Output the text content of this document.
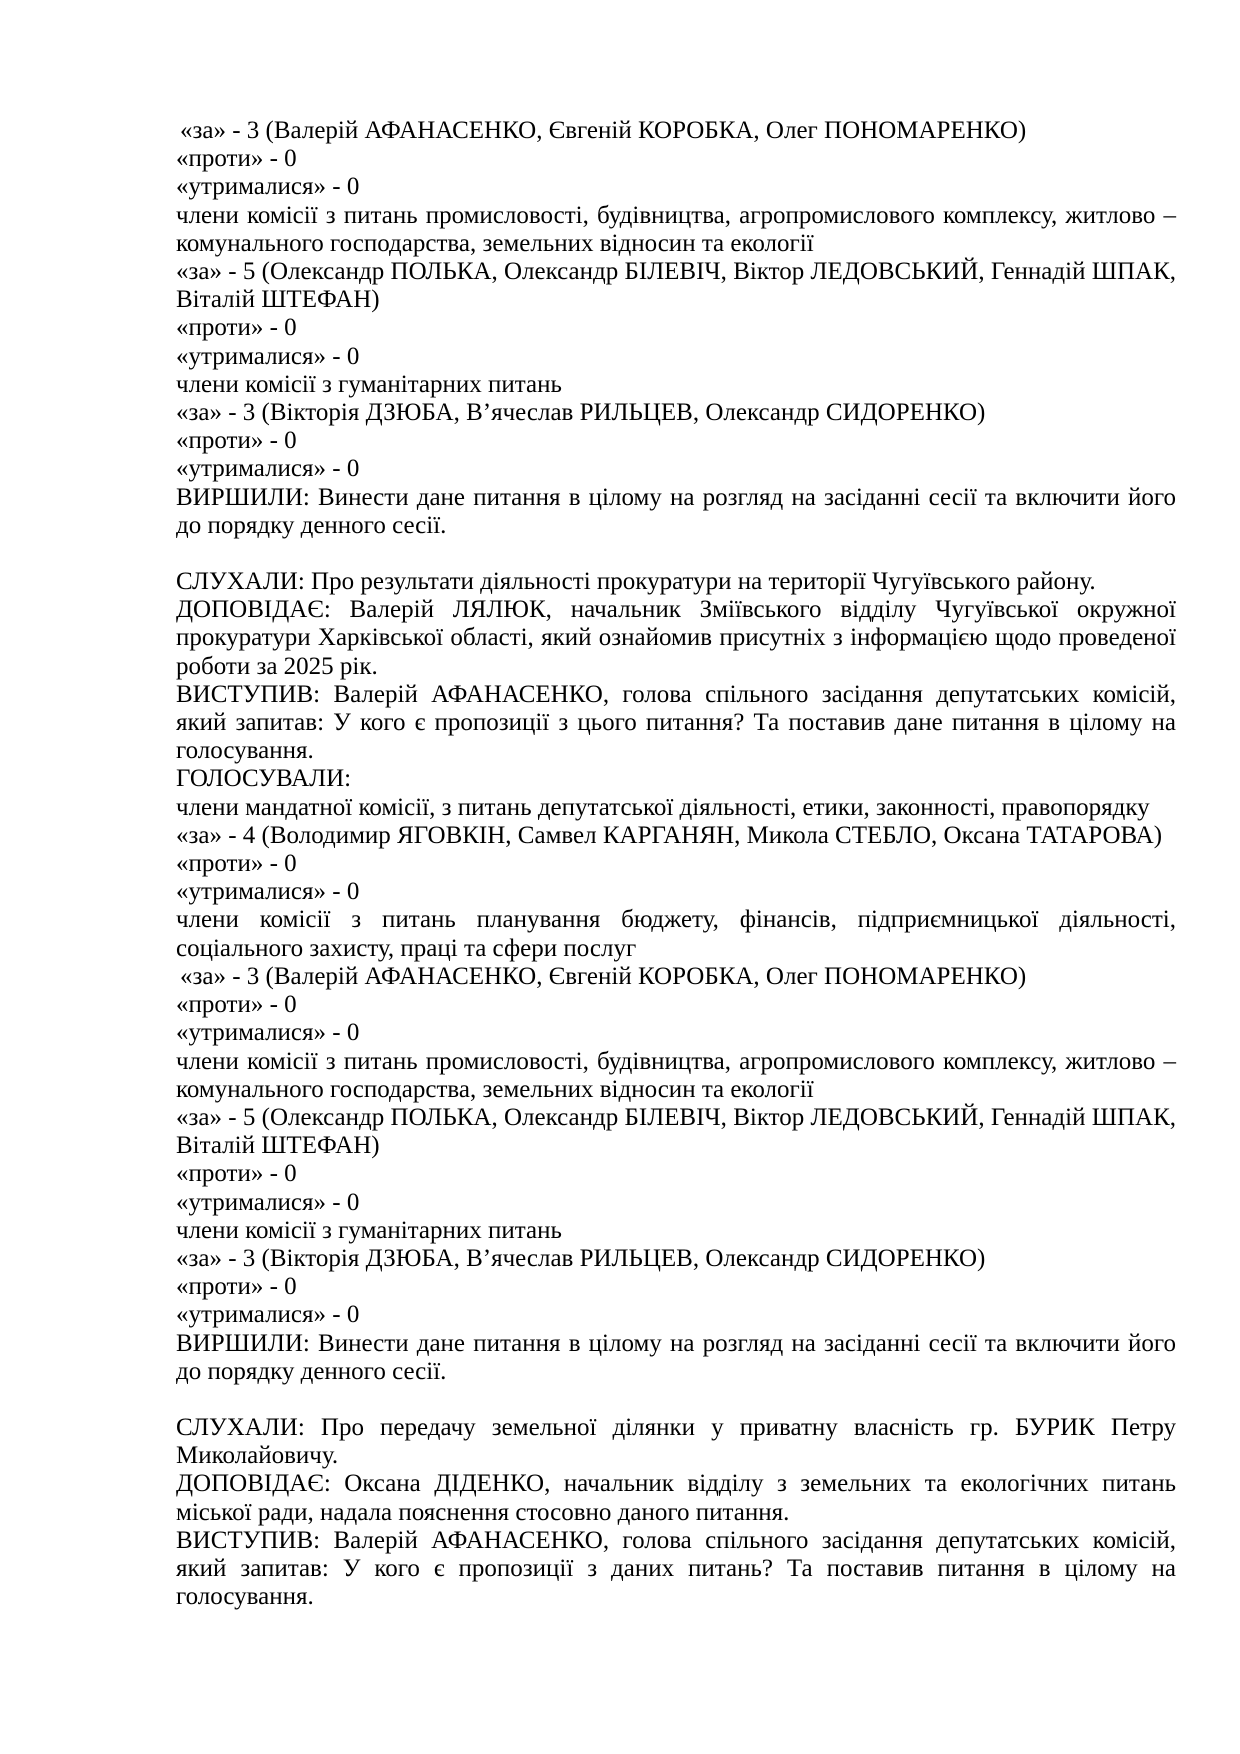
«за» - 3 (Валерій АФАНАСЕНКО, Євгеній КОРОБКА, Олег ПОНОМАРЕНКО)
«проти» - 0
«утрималися» - 0

члени комісії з питань промисловості, будівництва, агропромислового комплексу, житлово – комунального господарства, земельних відносин та екології

«за» - 5 (Олександр ПОЛЬКА, Олександр БІЛЕВІЧ, Віктор ЛЕДОВСЬКИЙ, Геннадій ШПАК, Віталій ШТЕФАН)

«проти» - 0
«утрималися» - 0
члени комісії з гуманітарних питань
«за» - 3 (Вікторія ДЗЮБА, В’ячеслав РИЛЬЦЕВ, Олександр СИДОРЕНКО)
«проти» - 0
«утрималися» - 0

ВИРШИЛИ: Винести дане питання в цілому на розгляд на засіданні сесії та включити його до порядку денного сесії.

СЛУХАЛИ: Про результати діяльності прокуратури на території Чугуївського району.

ДОПОВІДАЄ: Валерій ЛЯЛЮК, начальник Зміївського відділу Чугуївської окружної прокуратури Харківської області, який ознайомив присутніх з інформацією щодо проведеної роботи за 2025 рік.

ВИСТУПИВ: Валерій АФАНАСЕНКО, голова спільного засідання депутатських комісій, який запитав: У кого є пропозиції з цього питання? Та поставив дане питання в цілому на голосування.

ГОЛОСУВАЛИ:
члени мандатної комісії, з питань депутатської діяльності, етики, законності, правопорядку
«за» - 4 (Володимир ЯГОВКІН, Самвел КАРГАНЯН, Микола СТЕБЛО, Оксана ТАТАРОВА)
«проти» - 0
«утрималися» - 0

члени комісії з питань планування бюджету, фінансів, підприємницької діяльності, соціального захисту, праці та сфери послуг

«за» - 3 (Валерій АФАНАСЕНКО, Євгеній КОРОБКА, Олег ПОНОМАРЕНКО)
«проти» - 0
«утрималися» - 0

члени комісії з питань промисловості, будівництва, агропромислового комплексу, житлово – комунального господарства, земельних відносин та екології

«за» - 5 (Олександр ПОЛЬКА, Олександр БІЛЕВІЧ, Віктор ЛЕДОВСЬКИЙ, Геннадій ШПАК, Віталій ШТЕФАН)

«проти» - 0
«утрималися» - 0
члени комісії з гуманітарних питань
«за» - 3 (Вікторія ДЗЮБА, В’ячеслав РИЛЬЦЕВ, Олександр СИДОРЕНКО)
«проти» - 0
«утрималися» - 0

ВИРШИЛИ: Винести дане питання в цілому на розгляд на засіданні сесії та включити його до порядку денного сесії.

СЛУХАЛИ: Про передачу земельної ділянки у приватну власність гр. БУРИК Петру Миколайовичу.

ДОПОВІДАЄ: Оксана ДІДЕНКО, начальник відділу з земельних та екологічних питань міської ради, надала пояснення стосовно даного питання.

ВИСТУПИВ: Валерій АФАНАСЕНКО, голова спільного засідання депутатських комісій, який запитав: У кого є пропозиції з даних питань? Та поставив питання в цілому на голосування.
